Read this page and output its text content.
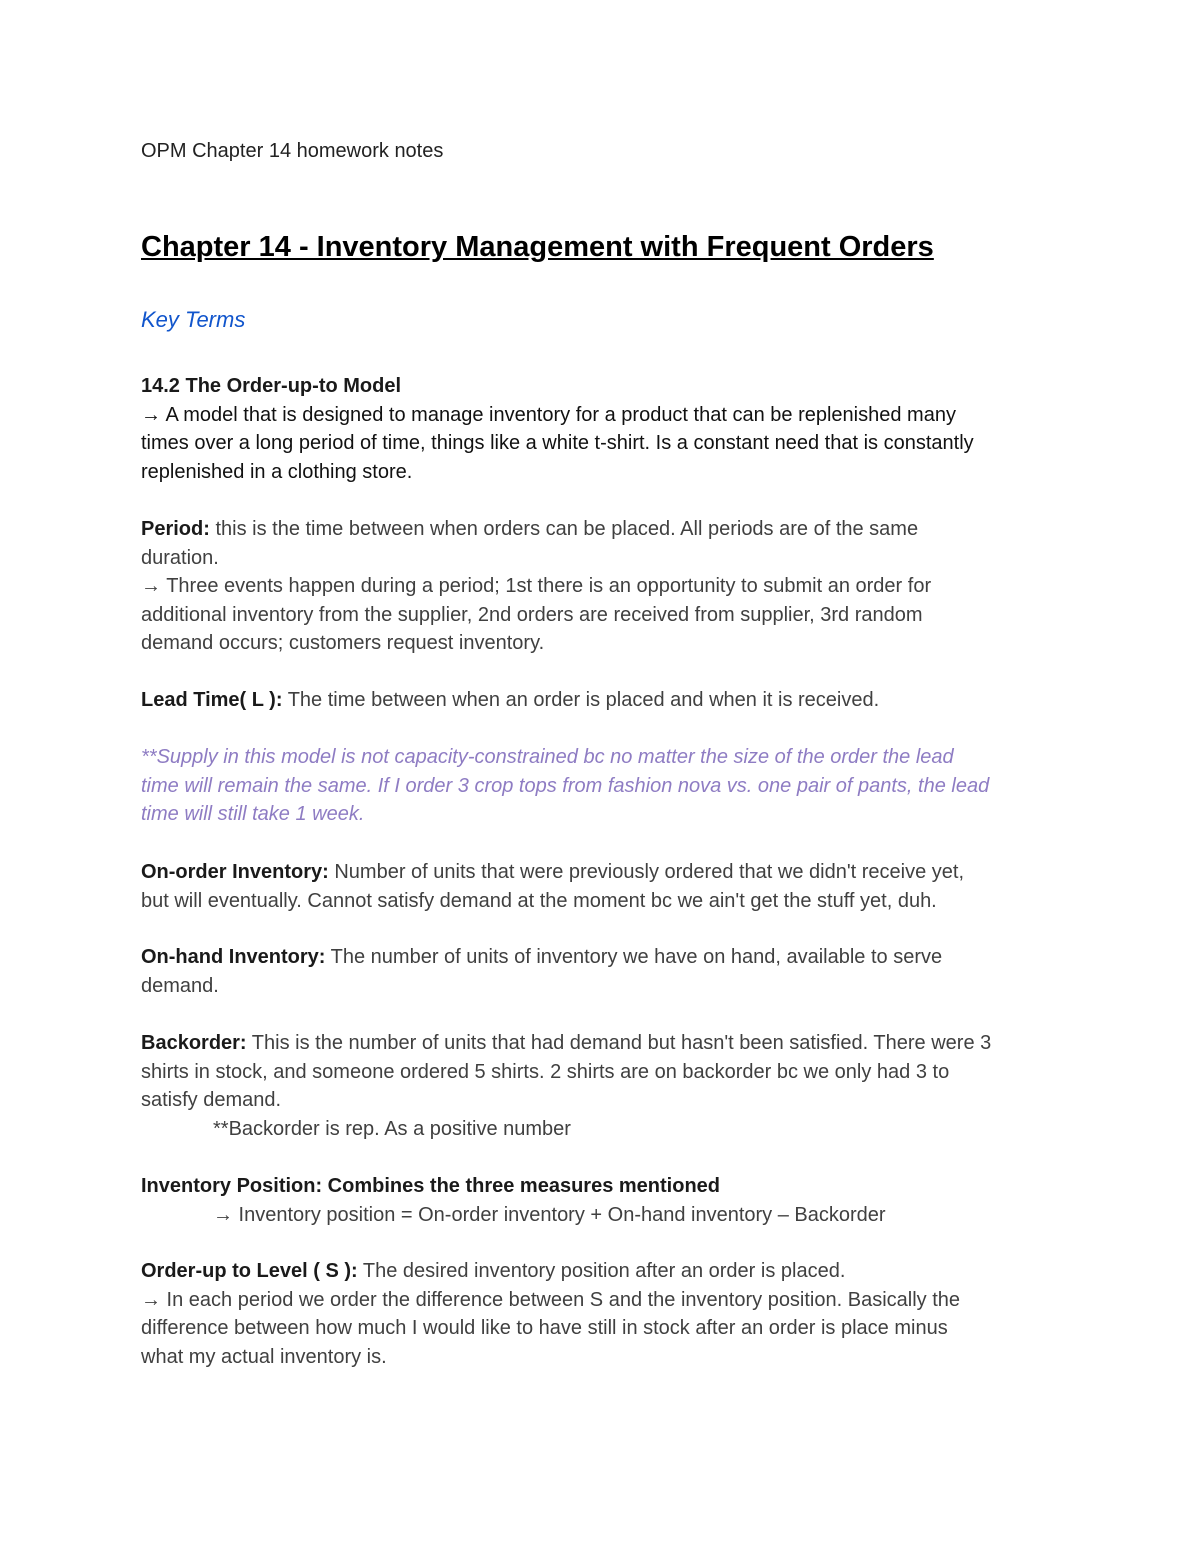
OPM Chapter 14 homework notes
Chapter 14 - Inventory Management with Frequent Orders
Key Terms
14.2 The Order-up-to Model
→ A model that is designed to manage inventory for a product that can be replenished many
times over a long period of time, things like a white t-shirt. Is a constant need that is constantly
replenished in a clothing store.
Period: this is the time between when orders can be placed. All periods are of the same
duration.
→ Three events happen during a period; 1st there is an opportunity to submit an order for
additional inventory from the supplier, 2nd orders are received from supplier, 3rd random
demand occurs; customers request inventory.
Lead Time( L ): The time between when an order is placed and when it is received.
**Supply in this model is not capacity-constrained bc no matter the size of the order the lead
time will remain the same. If I order 3 crop tops from fashion nova vs. one pair of pants, the lead
time will still take 1 week.
On-order Inventory: Number of units that were previously ordered that we didn't receive yet,
but will eventually. Cannot satisfy demand at the moment bc we ain't get the stuff yet, duh.
On-hand Inventory: The number of units of inventory we have on hand, available to serve
demand.
Backorder: This is the number of units that had demand but hasn't been satisfied. There were 3
shirts in stock, and someone ordered 5 shirts. 2 shirts are on backorder bc we only had 3 to
satisfy demand.
**Backorder is rep. As a positive number
Inventory Position: Combines the three measures mentioned
→ Inventory position = On-order inventory + On-hand inventory – Backorder
Order-up to Level ( S ): The desired inventory position after an order is placed.
→ In each period we order the difference between S and the inventory position. Basically the
difference between how much I would like to have still in stock after an order is place minus
what my actual inventory is.
